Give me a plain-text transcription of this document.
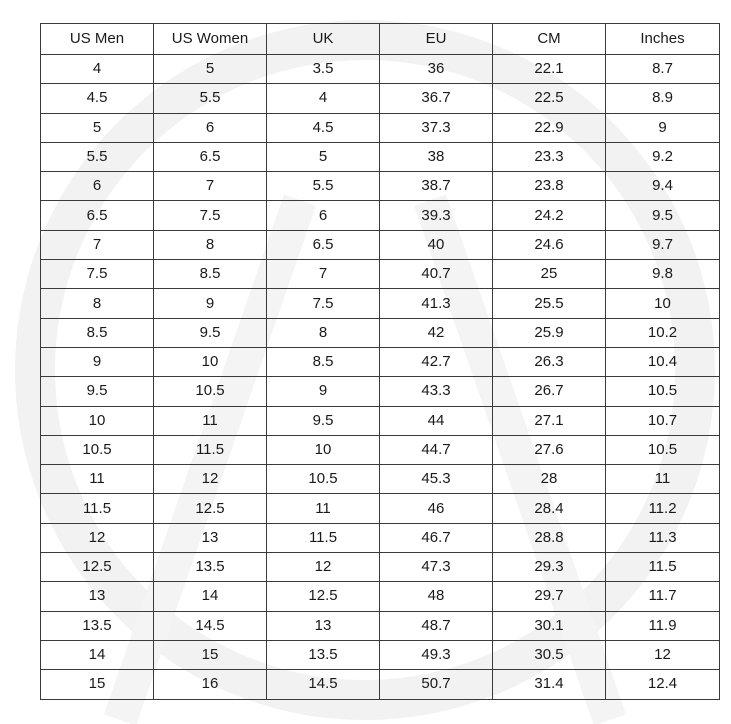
US Men	US Women	UK	EU	CM	Inches
4	5	3.5	36	22.1	8.7
4.5	5.5	4	36.7	22.5	8.9
5	6	4.5	37.3	22.9	9
5.5	6.5	5	38	23.3	9.2
6	7	5.5	38.7	23.8	9.4
6.5	7.5	6	39.3	24.2	9.5
7	8	6.5	40	24.6	9.7
7.5	8.5	7	40.7	25	9.8
8	9	7.5	41.3	25.5	10
8.5	9.5	8	42	25.9	10.2
9	10	8.5	42.7	26.3	10.4
9.5	10.5	9	43.3	26.7	10.5
10	11	9.5	44	27.1	10.7
10.5	11.5	10	44.7	27.6	10.5
11	12	10.5	45.3	28	11
11.5	12.5	11	46	28.4	11.2
12	13	11.5	46.7	28.8	11.3
12.5	13.5	12	47.3	29.3	11.5
13	14	12.5	48	29.7	11.7
13.5	14.5	13	48.7	30.1	11.9
14	15	13.5	49.3	30.5	12
15	16	14.5	50.7	31.4	12.4
